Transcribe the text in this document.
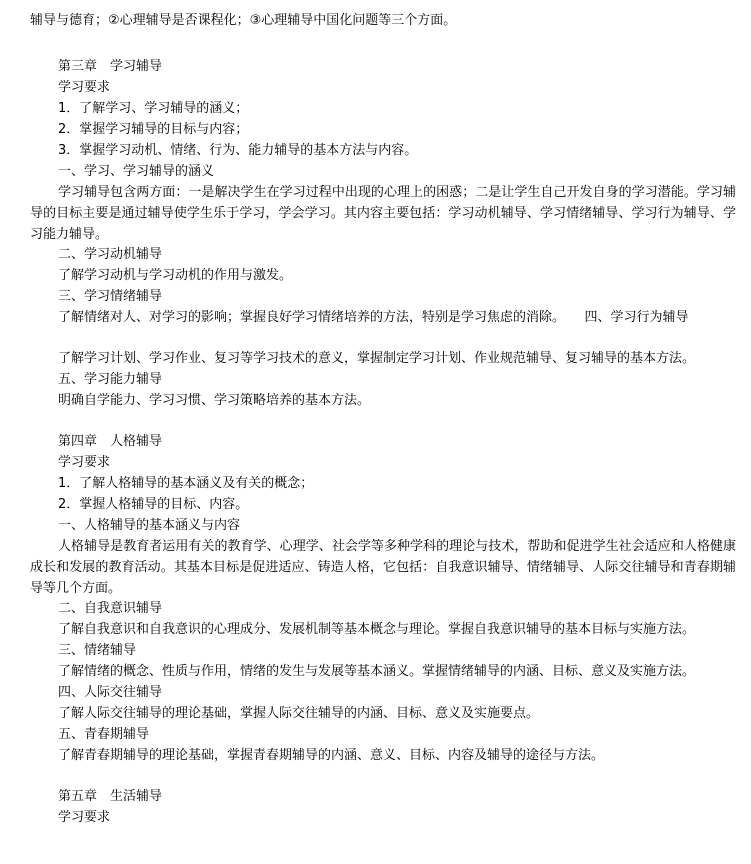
辅导与德育；②心理辅导是否课程化；③心理辅导中国化问题等三个方面。
第三章　学习辅导
学习要求
1．了解学习、学习辅导的涵义；
2．掌握学习辅导的目标与内容；
3．掌握学习动机、情绪、行为、能力辅导的基本方法与内容。
一、学习、学习辅导的涵义

学习辅导包含两方面：一是解决学生在学习过程中出现的心理上的困惑；二是让学生自己开发自身的学习潜能。学习辅导的目标主要是通过辅导使学生乐于学习，学会学习。其内容主要包括：学习动机辅导、学习情绪辅导、学习行为辅导、学习能力辅导。

二、学习动机辅导
了解学习动机与学习动机的作用与激发。
三、学习情绪辅导

了解情绪对人、对学习的影响；掌握良好学习情绪培养的方法，特别是学习焦虑的消除。　　四、学习行为辅导

了解学习计划、学习作业、复习等学习技术的意义，掌握制定学习计划、作业规范辅导、复习辅导的基本方法。
五、学习能力辅导
明确自学能力、学习习惯、学习策略培养的基本方法。
第四章　人格辅导
学习要求
1．了解人格辅导的基本涵义及有关的概念；
2．掌握人格辅导的目标、内容。
一、人格辅导的基本涵义与内容

人格辅导是教育者运用有关的教育学、心理学、社会学等多种学科的理论与技术，帮助和促进学生社会适应和人格健康成长和发展的教育活动。其基本目标是促进适应、铸造人格，它包括：自我意识辅导、情绪辅导、人际交往辅导和青春期辅导等几个方面。

二、自我意识辅导
了解自我意识和自我意识的心理成分、发展机制等基本概念与理论。掌握自我意识辅导的基本目标与实施方法。
三、情绪辅导
了解情绪的概念、性质与作用，情绪的发生与发展等基本涵义。掌握情绪辅导的内涵、目标、意义及实施方法。
四、人际交往辅导
了解人际交往辅导的理论基础，掌握人际交往辅导的内涵、目标、意义及实施要点。
五、青春期辅导
了解青春期辅导的理论基础，掌握青春期辅导的内涵、意义、目标、内容及辅导的途径与方法。
第五章　生活辅导
学习要求
